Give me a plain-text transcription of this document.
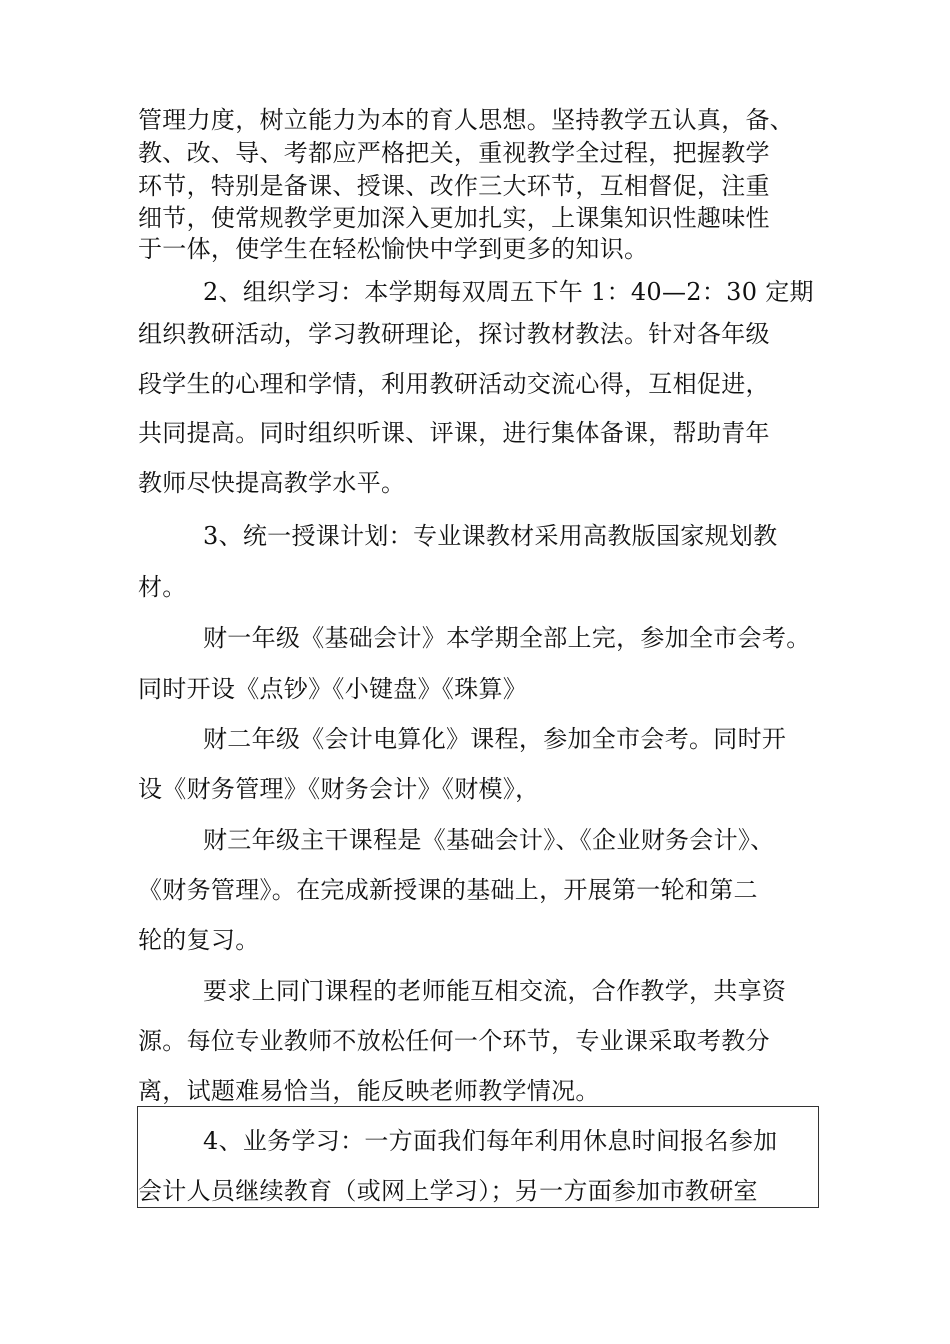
管理力度，树立能力为本的育人思想。坚持教学五认真，备、
教、改、导、考都应严格把关，重视教学全过程，把握教学
环节，特别是备课、授课、改作三大环节，互相督促，注重
细节，使常规教学更加深入更加扎实，上课集知识性趣味性
于一体，使学生在轻松愉快中学到更多的知识。
2、组织学习：本学期每双周五下午 1：40—2：30 定期
组织教研活动，学习教研理论，探讨教材教法。针对各年级
段学生的心理和学情，利用教研活动交流心得，互相促进，
共同提高。同时组织听课、评课，进行集体备课，帮助青年
教师尽快提高教学水平。
3、统一授课计划：专业课教材采用高教版国家规划教
材。
财一年级《基础会计》本学期全部上完，参加全市会考。
同时开设《点钞》《小键盘》《珠算》
财二年级《会计电算化》课程，参加全市会考。同时开
设《财务管理》《财务会计》《财模》，
财三年级主干课程是《基础会计》、《企业财务会计》、
《财务管理》。在完成新授课的基础上，开展第一轮和第二
轮的复习。
要求上同门课程的老师能互相交流，合作教学，共享资
源。每位专业教师不放松任何一个环节，专业课采取考教分
离，试题难易恰当，能反映老师教学情况。
4、业务学习：一方面我们每年利用休息时间报名参加
会计人员继续教育（或网上学习）；另一方面参加市教研室
